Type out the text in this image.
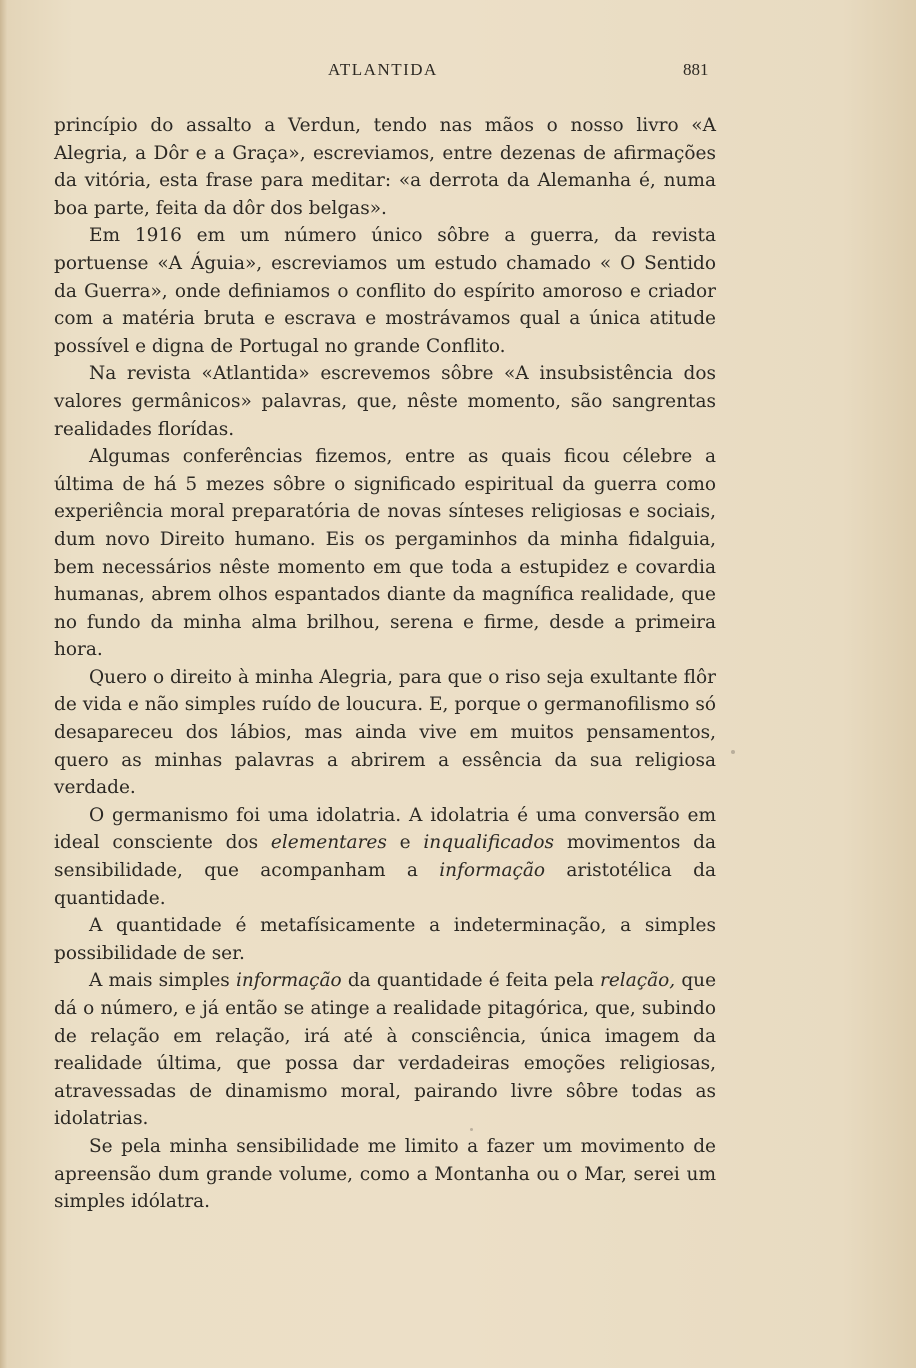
ATLANTIDA	881

princípio do assalto a Verdun, tendo nas mãos o nosso livro «A Alegria, a Dôr e a Graça», escreviamos, entre dezenas de afirmações da vitória, esta frase para meditar: «a derrota da Alemanha é, numa boa parte, feita da dôr dos belgas».

Em 1916 em um número único sôbre a guerra, da revista portuense «A Águia», escreviamos um estudo chamado « O Sentido da Guerra», onde definiamos o conflito do espírito amoroso e criador com a matéria bruta e escrava e mostrávamos qual a única atitude possível e digna de Portugal no grande Conflito.

Na revista «Atlantida» escrevemos sôbre «A insubsistência dos valores germânicos» palavras, que, nêste momento, são sangrentas realidades florídas.

Algumas conferências fizemos, entre as quais ficou célebre a última de há 5 mezes sôbre o significado espiritual da guerra como experiência moral preparatória de novas sínteses religiosas e sociais, dum novo Direito humano. Eis os pergaminhos da minha fidalguia, bem necessários nêste momento em que toda a estupidez e covardia humanas, abrem olhos espantados diante da magnífica realidade, que no fundo da minha alma brilhou, serena e firme, desde a primeira hora.

Quero o direito à minha Alegria, para que o riso seja exultante flôr de vida e não simples ruído de loucura. E, porque o germanofilismo só desapareceu dos lábios, mas ainda vive em muitos pensamentos, quero as minhas palavras a abrirem a essência da sua religiosa verdade.

O germanismo foi uma idolatria. A idolatria é uma conversão em ideal consciente dos elementares e inqualificados movimentos da sensibilidade, que acompanham a informação aristotélica da quantidade.

A quantidade é metafísicamente a indeterminação, a simples possibilidade de ser.

A mais simples informação da quantidade é feita pela relação, que dá o número, e já então se atinge a realidade pitagórica, que, subindo de relação em relação, irá até à consciência, única imagem da realidade última, que possa dar verdadeiras emoções religiosas, atravessadas de dinamismo moral, pairando livre sôbre todas as idolatrias.

Se pela minha sensibilidade me limito a fazer um movimento de apreensão dum grande volume, como a Montanha ou o Mar, serei um simples idólatra.
